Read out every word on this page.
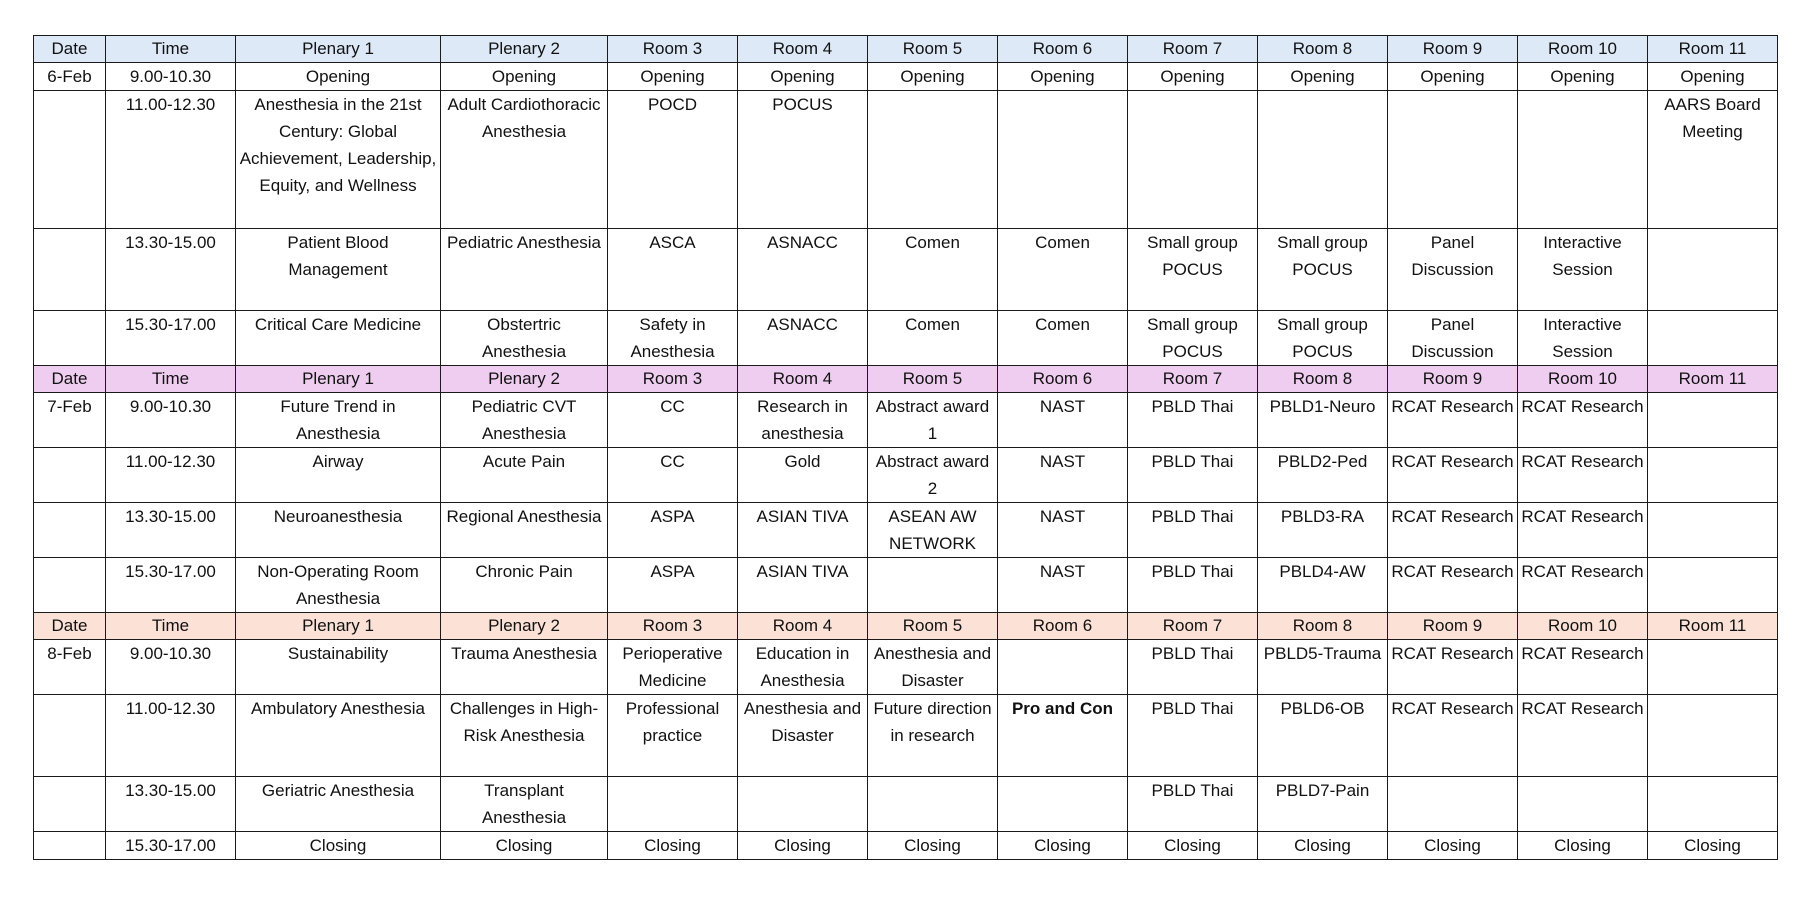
Date	Time	Plenary 1	Plenary 2	Room 3	Room 4	Room 5	Room 6	Room 7	Room 8	Room 9	Room 10	Room 11
6-Feb	9.00-10.30	Opening	Opening	Opening	Opening	Opening	Opening	Opening	Opening	Opening	Opening	Opening
	11.00-12.30	Anesthesia in the 21st Century: Global Achievement, Leadership, Equity, and Wellness	Adult Cardiothoracic Anesthesia	POCD	POCUS							AARS Board Meeting
	13.30-15.00	Patient Blood Management	Pediatric Anesthesia	ASCA	ASNACC	Comen	Comen	Small group POCUS	Small group POCUS	Panel Discussion	Interactive Session	
	15.30-17.00	Critical Care Medicine	Obstertric Anesthesia	Safety in Anesthesia	ASNACC	Comen	Comen	Small group POCUS	Small group POCUS	Panel Discussion	Interactive Session	
Date	Time	Plenary 1	Plenary 2	Room 3	Room 4	Room 5	Room 6	Room 7	Room 8	Room 9	Room 10	Room 11
7-Feb	9.00-10.30	Future Trend in Anesthesia	Pediatric CVT Anesthesia	CC	Research in anesthesia	Abstract award 1	NAST	PBLD Thai	PBLD1-Neuro	RCAT Research	RCAT Research	
	11.00-12.30	Airway	Acute Pain	CC	Gold	Abstract award 2	NAST	PBLD Thai	PBLD2-Ped	RCAT Research	RCAT Research	
	13.30-15.00	Neuroanesthesia	Regional Anesthesia	ASPA	ASIAN TIVA	ASEAN AW NETWORK	NAST	PBLD Thai	PBLD3-RA	RCAT Research	RCAT Research	
	15.30-17.00	Non-Operating Room Anesthesia	Chronic Pain	ASPA	ASIAN TIVA		NAST	PBLD Thai	PBLD4-AW	RCAT Research	RCAT Research	
Date	Time	Plenary 1	Plenary 2	Room 3	Room 4	Room 5	Room 6	Room 7	Room 8	Room 9	Room 10	Room 11
8-Feb	9.00-10.30	Sustainability	Trauma Anesthesia	Perioperative Medicine	Education in Anesthesia	Anesthesia and Disaster		PBLD Thai	PBLD5-Trauma	RCAT Research	RCAT Research	
	11.00-12.30	Ambulatory Anesthesia	Challenges in High-Risk Anesthesia	Professional practice	Anesthesia and Disaster	Future direction in research	Pro and Con	PBLD Thai	PBLD6-OB	RCAT Research	RCAT Research	
	13.30-15.00	Geriatric Anesthesia	Transplant Anesthesia					PBLD Thai	PBLD7-Pain			
	15.30-17.00	Closing	Closing	Closing	Closing	Closing	Closing	Closing	Closing	Closing	Closing	Closing
